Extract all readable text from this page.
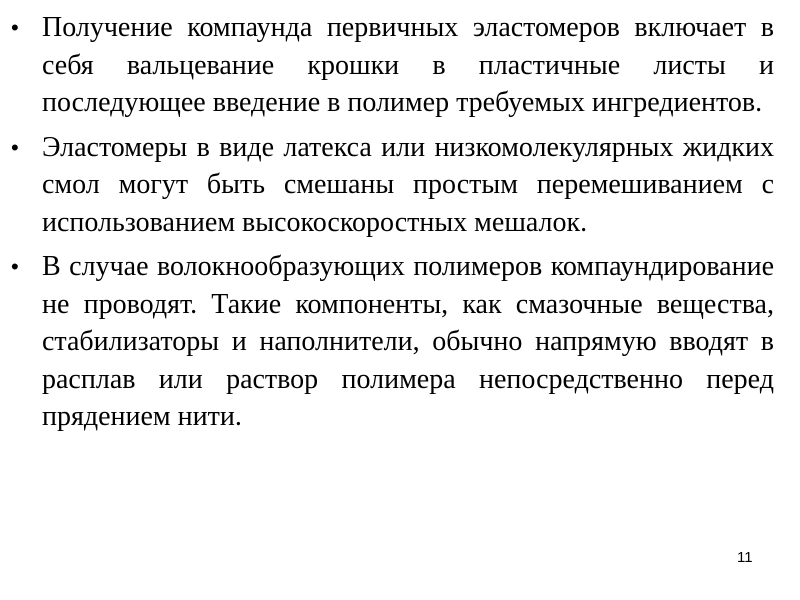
• Получение компаунда первичных эластомеров включает в себя вальцевание крошки в пластичные листы и последующее введение в полимер требуемых ингредиентов.
• Эластомеры в виде латекса или низкомолекулярных жидких смол могут быть смешаны простым перемешиванием с использованием высокоскоростных мешалок.
• В случае волокнообразующих полимеров компаундирование не проводят. Такие компоненты, как смазочные вещества, стабилизаторы и наполнители, обычно напрямую вводят в расплав или раствор полимера непосредственно перед прядением нити.
11
